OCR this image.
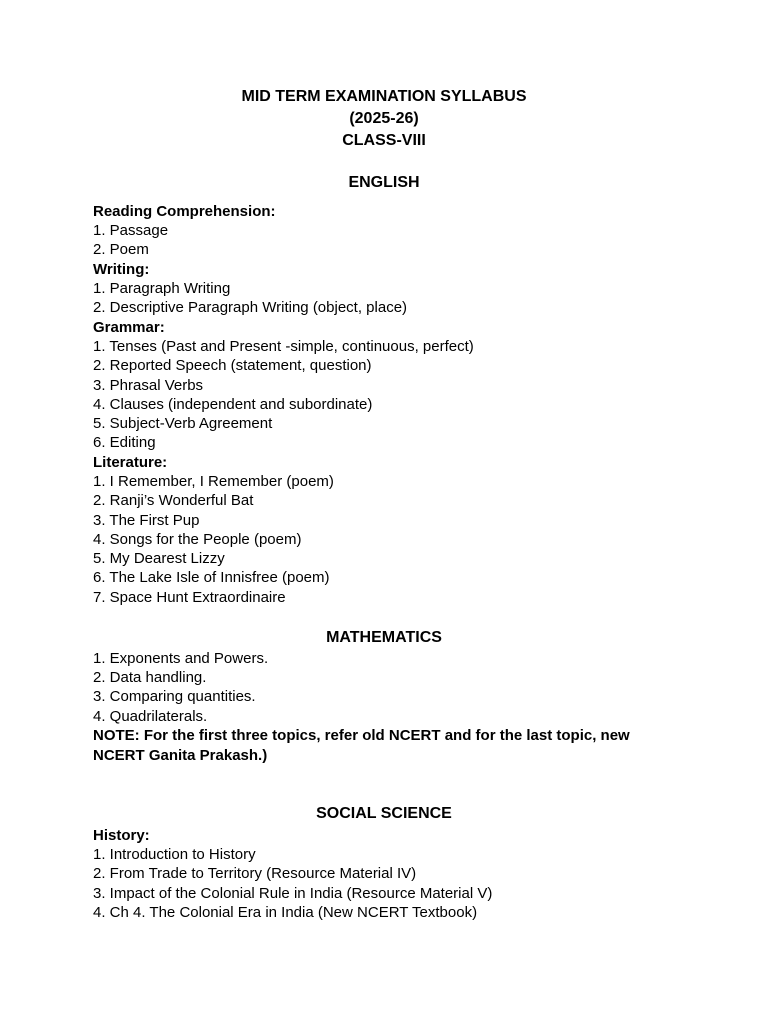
MID TERM EXAMINATION SYLLABUS
(2025-26)
CLASS-VIII
ENGLISH
Reading Comprehension:
1. Passage
2. Poem
Writing:
1. Paragraph Writing
2. Descriptive Paragraph Writing (object, place)
Grammar:
1. Tenses (Past and Present -simple, continuous, perfect)
2. Reported Speech (statement, question)
3. Phrasal Verbs
4. Clauses (independent and subordinate)
5. Subject-Verb Agreement
6. Editing
Literature:
1. I Remember, I Remember (poem)
2. Ranji’s Wonderful Bat
3. The First Pup
4. Songs for the People (poem)
5. My Dearest Lizzy
6. The Lake Isle of Innisfree (poem)
7. Space Hunt Extraordinaire
MATHEMATICS
1. Exponents and Powers.
2. Data handling.
3. Comparing quantities.
4. Quadrilaterals.
NOTE: For the first three topics, refer old NCERT and for the last topic, new NCERT Ganita Prakash.)
SOCIAL SCIENCE
History:
1. Introduction to History
2. From Trade to Territory (Resource Material IV)
3. Impact of the Colonial Rule in India (Resource Material V)
4. Ch 4. The Colonial Era in India (New NCERT Textbook)
